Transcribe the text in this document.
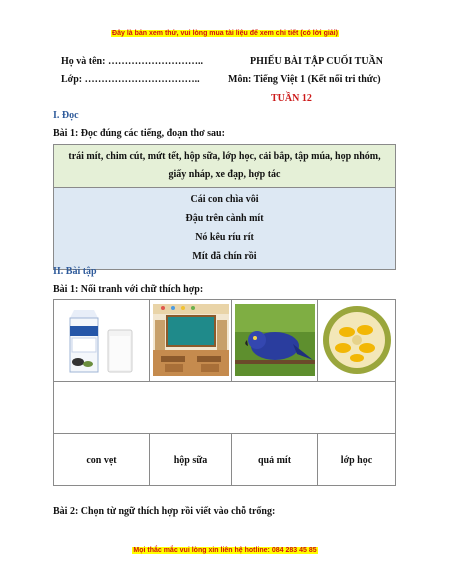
Đây là bản xem thử, vui lòng mua tài liệu để xem chi tiết (có lời giải)
Họ và tên: ………………………..
Lớp: ……………………………..
PHIẾU BÀI TẬP CUỐI TUẦN
Môn: Tiếng Việt 1 (Kết nối tri thức)
TUẦN 12
I. Đọc
Bài 1: Đọc đúng các tiếng, đoạn thơ sau:
trái mít, chim cút, mứt tết, hộp sữa, lớp học, cải bắp, tập múa, họp nhóm, giấy nháp, xe đạp, hợp tác
Cái con chìa vôi
Đậu trên cành mít
Nó kêu ríu rít
Mít đã chín rồi
II. Bài tập
Bài 1: Nối tranh với chữ thích hợp:
con vẹt	hộp sữa	quả mít	lớp học
Bài 2: Chọn từ ngữ thích hợp rồi viết vào chỗ trống:
Mọi thắc mắc vui lòng xin liên hệ hotline: 084 283 45 85
